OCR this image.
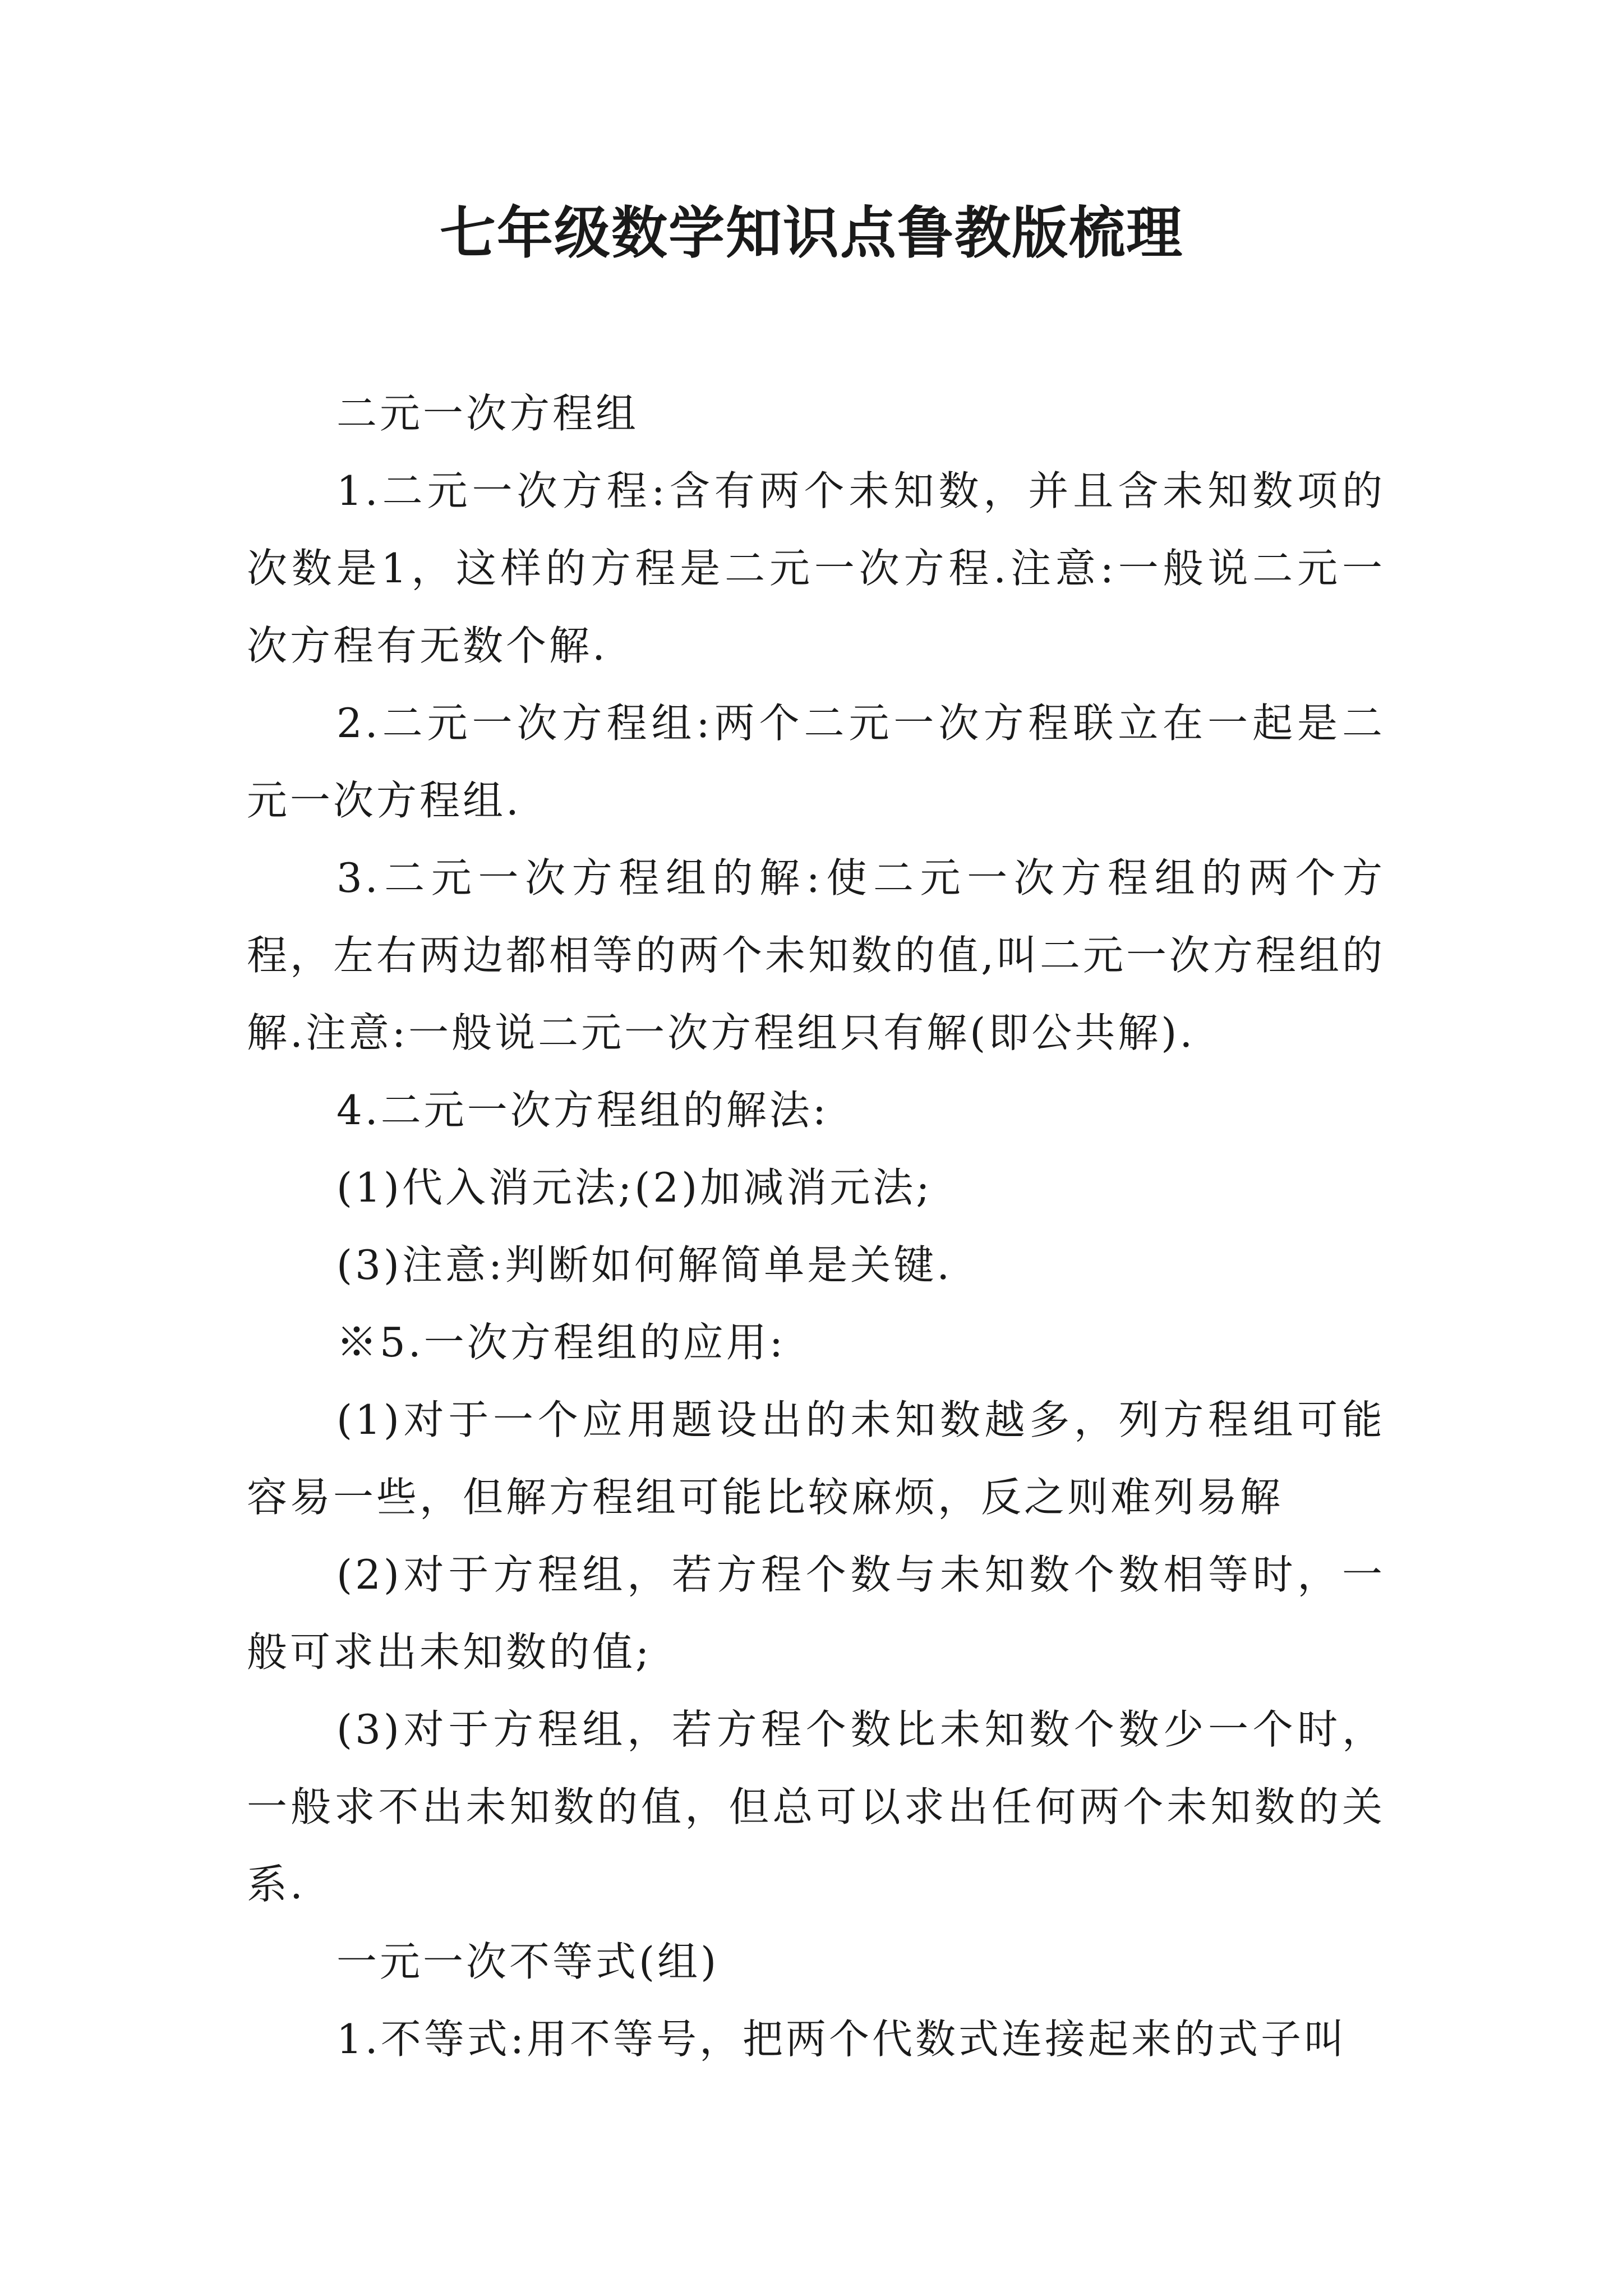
七年级数学知识点鲁教版梳理

二元一次方程组

1.二元一次方程:含有两个未知数，并且含未知数项的次数是1，这样的方程是二元一次方程.注意:一般说二元一次方程有无数个解.

2.二元一次方程组:两个二元一次方程联立在一起是二元一次方程组.

3.二元一次方程组的解:使二元一次方程组的两个方程，左右两边都相等的两个未知数的值,叫二元一次方程组的解.注意:一般说二元一次方程组只有解(即公共解).

4.二元一次方程组的解法:

(1)代入消元法;(2)加减消元法;

(3)注意:判断如何解简单是关键.

※5.一次方程组的应用:

(1)对于一个应用题设出的未知数越多，列方程组可能容易一些，但解方程组可能比较麻烦，反之则难列易解

(2)对于方程组，若方程个数与未知数个数相等时，一般可求出未知数的值;

(3)对于方程组，若方程个数比未知数个数少一个时，一般求不出未知数的值，但总可以求出任何两个未知数的关系.

一元一次不等式(组)

1.不等式:用不等号，把两个代数式连接起来的式子叫
